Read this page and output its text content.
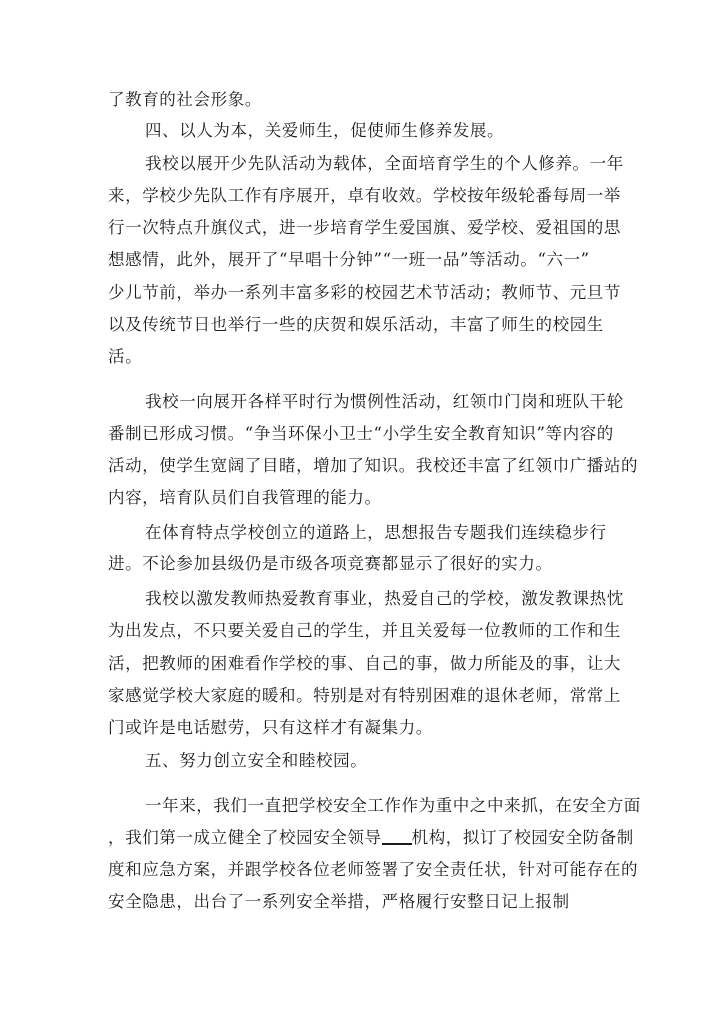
了教育的社会形象。
四、以人为本，关爱师生，促使师生修养发展。
我校以展开少先队活动为载体，全面培育学生的个人修养。一年
来，学校少先队工作有序展开，卓有收效。学校按年级轮番每周一举
行一次特点升旗仪式，进一步培育学生爱国旗、爱学校、爱祖国的思
想感情，此外，展开了“早唱十分钟”“一班一品”等活动。“六一”
少儿节前，举办一系列丰富多彩的校园艺术节活动；教师节、元旦节
以及传统节日也举行一些的庆贺和娱乐活动，丰富了师生的校园生
活。
我校一向展开各样平时行为惯例性活动，红领巾门岗和班队干轮
番制已形成习惯。“争当环保小卫士“小学生安全教育知识”等内容的
活动，使学生宽阔了目睹，增加了知识。我校还丰富了红领巾广播站的
内容，培育队员们自我管理的能力。
在体育特点学校创立的道路上，思想报告专题我们连续稳步行
进。不论参加县级仍是市级各项竞赛都显示了很好的实力。
我校以激发教师热爱教育事业，热爱自己的学校，激发教课热忱
为出发点，不只要关爱自己的学生，并且关爱每一位教师的工作和生
活，把教师的困难看作学校的事、自己的事，做力所能及的事，让大
家感觉学校大家庭的暖和。特别是对有特别困难的退休老师，常常上
门或许是电话慰劳，只有这样才有凝集力。
五、努力创立安全和睦校园。
一年来，我们一直把学校安全工作作为重中之中来抓，在安全方面
，我们第一成立健全了校园安全领导 机构，拟订了校园安全防备制
度和应急方案，并跟学校各位老师签署了安全责任状，针对可能存在的
安全隐患，出台了一系列安全举措，严格履行安整日记上报制
